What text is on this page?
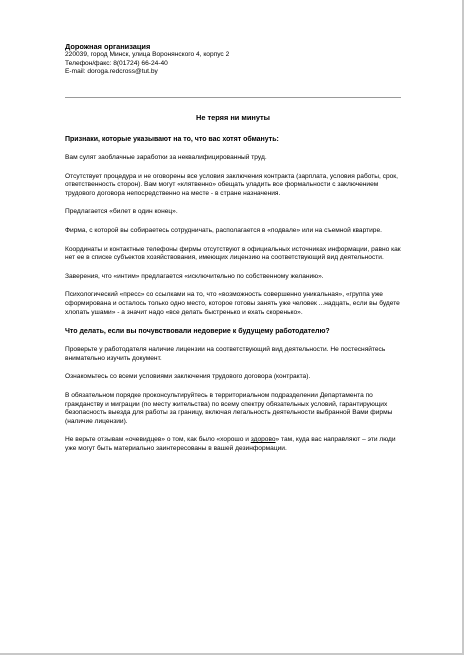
Дорожная организация
220039, город Минск, улица Воронянского 4, корпус 2
Телефон/факс: 8(01724) 66-24-40
E-mail: doroga.redcross@tut.by
Не теряя ни минуты
Признаки, которые указывают на то, что вас хотят обмануть:

Вам сулят заоблачные заработки за неквалифицированный труд.

Отсутствует процедура и не оговорены все условия заключения контракта (зарплата, условия работы, срок, ответственность сторон). Вам могут «клятвенно» обещать уладить все формальности с заключением трудового договора непосредственно на месте - в стране назначения.

Предлагается «билет в один конец».

Фирма, с которой вы собираетесь сотрудничать, располагается в «подвале» или на съемной квартире.

Координаты и контактные телефоны фирмы отсутствуют в официальных источниках информации, равно как нет ее в списке субъектов хозяйствования, имеющих лицензию на соответствующий вид деятельности.

Заверения, что «интим» предлагается «исключительно по собственному желанию».

Психологический «пресс» со ссылками на то, что «возможность совершенно уникальная», «группа уже сформирована и осталось только одно место, которое готовы занять уже человек ...надцать, если вы будете хлопать ушами» - а значит надо «все делать быстренько и ехать скоренько».

Что делать, если вы почувствовали недоверие к будущему работодателю?

Проверьте у работодателя наличие лицензии на соответствующий вид деятельности. Не постесняйтесь внимательно изучить документ.

Ознакомьтесь со всеми условиями заключения трудового договора (контракта).

В обязательном порядке проконсультируйтесь в территориальном подразделении Департамента по гражданству и миграции (по месту жительства) по всему спектру обязательных условий, гарантирующих безопасность выезда для работы за границу, включая легальность деятельности выбранной Вами фирмы (наличие лицензии).

Не верьте отзывам «очевидцев» о том, как было «хорошо и здорово» там, куда вас направляют – эти люди уже могут быть материально заинтересованы в вашей дезинформации.
